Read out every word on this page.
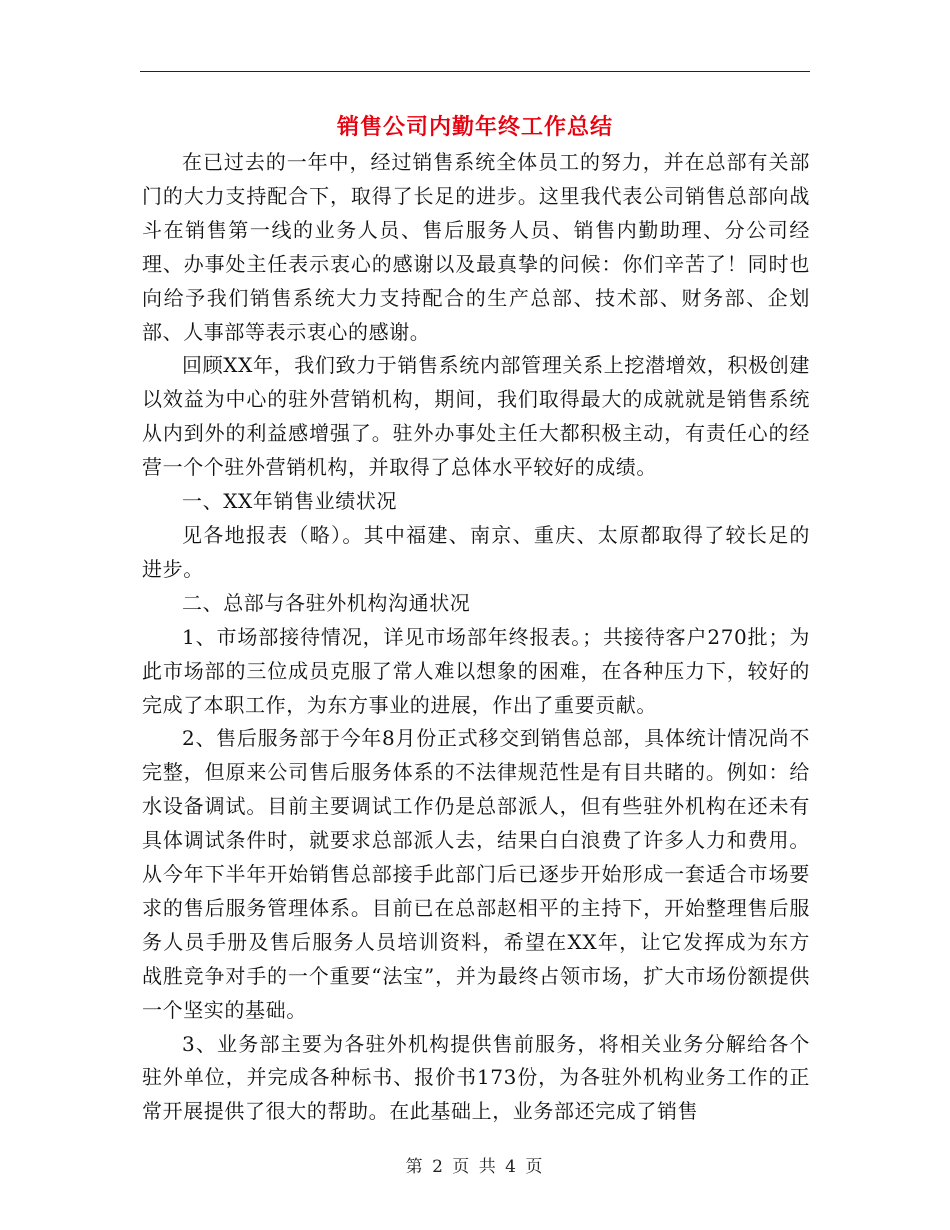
销售公司内勤年终工作总结

在已过去的一年中，经过销售系统全体员工的努力，并在总部有关部门的大力支持配合下，取得了长足的进步。这里我代表公司销售总部向战斗在销售第一线的业务人员、售后服务人员、销售内勤助理、分公司经理、办事处主任表示衷心的感谢以及最真挚的问候：你们辛苦了！同时也向给予我们销售系统大力支持配合的生产总部、技术部、财务部、企划部、人事部等表示衷心的感谢。

回顾XX年，我们致力于销售系统内部管理关系上挖潜增效，积极创建以效益为中心的驻外营销机构，期间，我们取得最大的成就就是销售系统从内到外的利益感增强了。驻外办事处主任大都积极主动，有责任心的经营一个个驻外营销机构，并取得了总体水平较好的成绩。

一、XX年销售业绩状况

见各地报表（略）。其中福建、南京、重庆、太原都取得了较长足的进步。

二、总部与各驻外机构沟通状况

1、市场部接待情况，详见市场部年终报表。；共接待客户270批；为此市场部的三位成员克服了常人难以想象的困难，在各种压力下，较好的完成了本职工作，为东方事业的进展，作出了重要贡献。

2、售后服务部于今年8月份正式移交到销售总部，具体统计情况尚不完整，但原来公司售后服务体系的不法律规范性是有目共睹的。例如：给水设备调试。目前主要调试工作仍是总部派人，但有些驻外机构在还未有具体调试条件时，就要求总部派人去，结果白白浪费了许多人力和费用。从今年下半年开始销售总部接手此部门后已逐步开始形成一套适合市场要求的售后服务管理体系。目前已在总部赵相平的主持下，开始整理售后服务人员手册及售后服务人员培训资料，希望在XX年，让它发挥成为东方战胜竞争对手的一个重要“法宝”，并为最终占领市场，扩大市场份额提供一个坚实的基础。

3、业务部主要为各驻外机构提供售前服务，将相关业务分解给各个驻外单位，并完成各种标书、报价书173份，为各驻外机构业务工作的正常开展提供了很大的帮助。在此基础上，业务部还完成了销售

第 2 页 共 4 页
